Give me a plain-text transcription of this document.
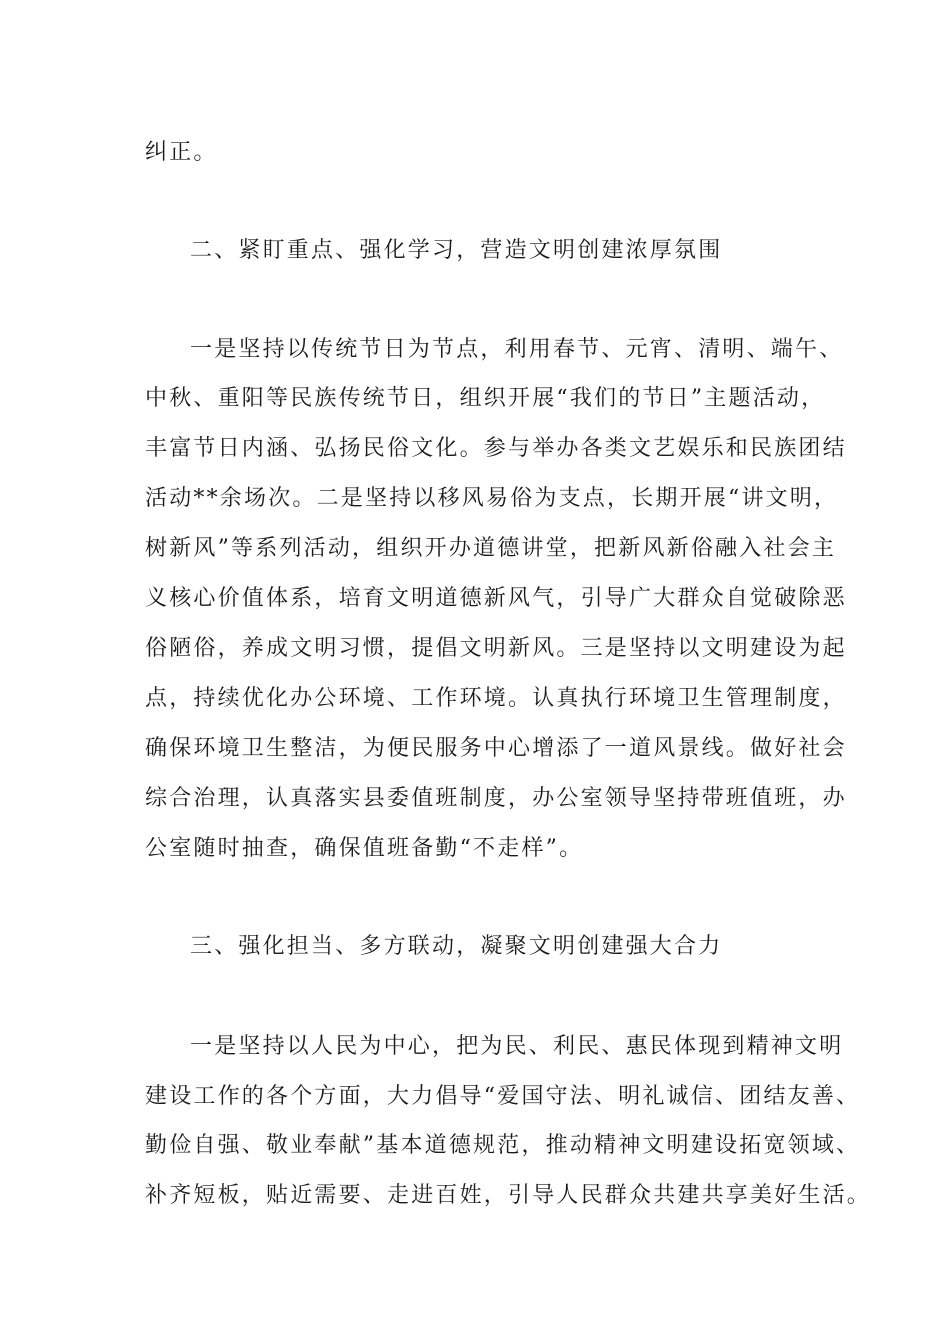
纠正。
二、紧盯重点、强化学习，营造文明创建浓厚氛围
一是坚持以传统节日为节点，利用春节、元宵、清明、端午、
中秋、重阳等民族传统节日，组织开展“我们的节日”主题活动，
丰富节日内涵、弘扬民俗文化。参与举办各类文艺娱乐和民族团结
活动**余场次。二是坚持以移风易俗为支点，长期开展“讲文明，
树新风”等系列活动，组织开办道德讲堂，把新风新俗融入社会主
义核心价值体系，培育文明道德新风气，引导广大群众自觉破除恶
俗陋俗，养成文明习惯，提倡文明新风。三是坚持以文明建设为起
点，持续优化办公环境、工作环境。认真执行环境卫生管理制度，
确保环境卫生整洁，为便民服务中心增添了一道风景线。做好社会
综合治理，认真落实县委值班制度，办公室领导坚持带班值班，办
公室随时抽查，确保值班备勤“不走样”。
三、强化担当、多方联动，凝聚文明创建强大合力
一是坚持以人民为中心，把为民、利民、惠民体现到精神文明
建设工作的各个方面，大力倡导“爱国守法、明礼诚信、团结友善、
勤俭自强、敬业奉献”基本道德规范，推动精神文明建设拓宽领域、
补齐短板，贴近需要、走进百姓，引导人民群众共建共享美好生活。
